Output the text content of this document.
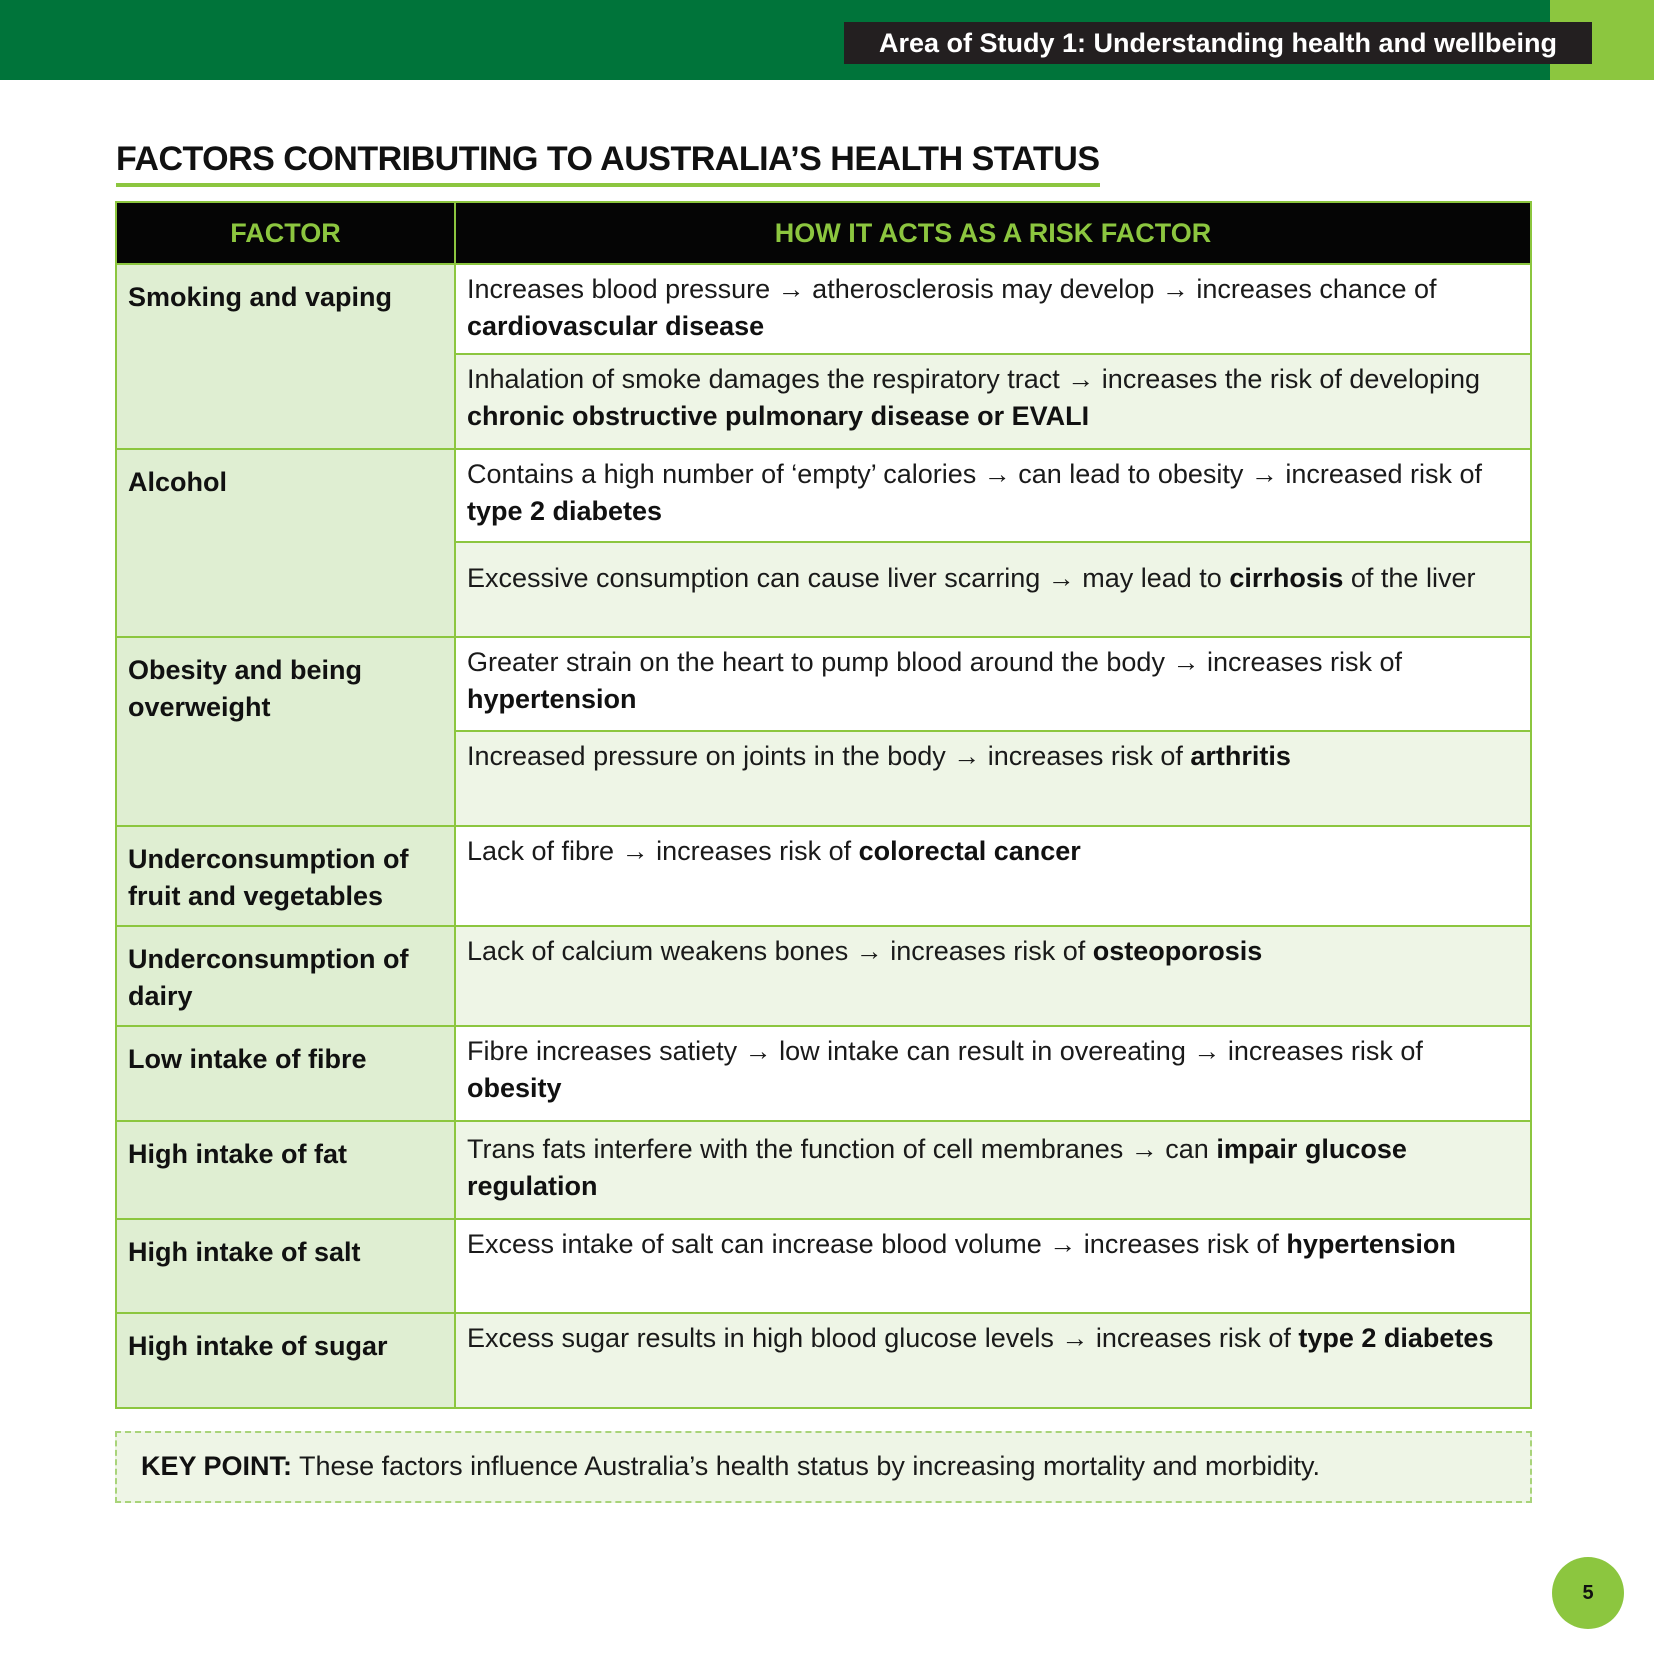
Area of Study 1: Understanding health and wellbeing
FACTORS CONTRIBUTING TO AUSTRALIA’S HEALTH STATUS
FACTOR	HOW IT ACTS AS A RISK FACTOR
Smoking and vaping	Increases blood pressure → atherosclerosis may develop → increases chance of cardiovascular disease
	Inhalation of smoke damages the respiratory tract → increases the risk of developing chronic obstructive pulmonary disease or EVALI
Alcohol	Contains a high number of ‘empty’ calories → can lead to obesity → increased risk of type 2 diabetes
	Excessive consumption can cause liver scarring → may lead to cirrhosis of the liver
Obesity and being overweight	Greater strain on the heart to pump blood around the body → increases risk of hypertension
	Increased pressure on joints in the body → increases risk of arthritis
Underconsumption of fruit and vegetables	Lack of fibre → increases risk of colorectal cancer
Underconsumption of dairy	Lack of calcium weakens bones → increases risk of osteoporosis
Low intake of fibre	Fibre increases satiety → low intake can result in overeating → increases risk of obesity
High intake of fat	Trans fats interfere with the function of cell membranes → can impair glucose regulation
High intake of salt	Excess intake of salt can increase blood volume → increases risk of hypertension
High intake of sugar	Excess sugar results in high blood glucose levels → increases risk of type 2 diabetes
KEY POINT: These factors influence Australia’s health status by increasing mortality and morbidity.
5
